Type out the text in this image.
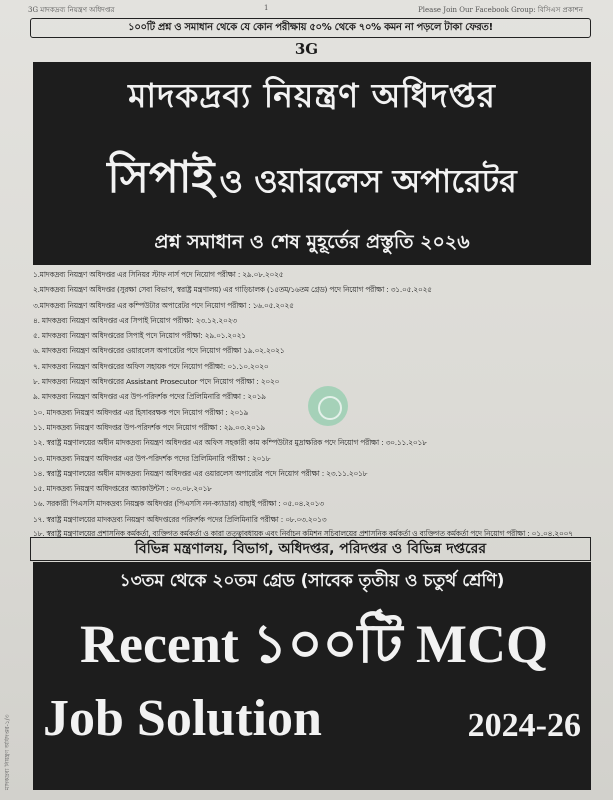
3G মাদকদ্রব্য নিয়ন্ত্রণ অধিদপ্তর	1	Please Join Our Facebook Group: বিসিএস প্রকাশন
১০০টি প্রশ্ন ও সমাধান থেকে যে কোন পরীক্ষায় ৫০% থেকে ৭০% কমন না পড়লে টাকা ফেরত!
3G
মাদকদ্রব্য নিয়ন্ত্রণ অধিদপ্তর
সিপাই ও ওয়ারলেস অপারেটর
প্রশ্ন সমাধান ও শেষ মুহূর্তের প্রস্তুতি ২০২৬
১.মাদকদ্রব্য নিয়ন্ত্রণ অধিদপ্তর এর সিনিয়র স্টাফ নার্স পদে নিয়োগ পরীক্ষা : ২৯.০৮.২০২৫
২.মাদকদ্রব্য নিয়ন্ত্রণ অধিদপ্তর (সুরক্ষা সেবা বিভাগ, স্বরাষ্ট্র মন্ত্রণালয়) এর গাড়িচালক (১৫তম/১৬তম গ্রেড) পদে নিয়োগ পরীক্ষা : ৩১.০৫.২০২৫
৩.মাদকদ্রব্য নিয়ন্ত্রণ অধিদপ্তর এর কম্পিউটার অপারেটর পদে নিয়োগ পরীক্ষা : ১৬.০৫.২০২৫
৪. মাদকদ্রব্য নিয়ন্ত্রণ অধিদপ্তর এর সিপাই নিয়োগ পরীক্ষা: ২৩.১২.২০২৩
৫. মাদকদ্রব্য নিয়ন্ত্রণ অধিদপ্তরের সিপাই পদে নিয়োগ পরীক্ষা: ২৯.০১.২০২১
৬. মাদকদ্রব্য নিয়ন্ত্রণ অধিদপ্তরের ওয়ারলেস অপারেটর পদে নিয়োগ পরীক্ষা ১৯.০২.২০২১
৭. মাদকদ্রব্য নিয়ন্ত্রণ অধিদপ্তরের অফিস সহায়ক পদে নিয়োগ পরীক্ষা: ০১.১০.২০২০
৮. মাদকদ্রব্য নিয়ন্ত্রণ অধিদপ্তরের Assistant Prosecutor পদে নিয়োগ পরীক্ষা : ২০২০
৯. মাদকদ্রব্য নিয়ন্ত্রণ অধিদপ্তর এর উপ-পরিদর্শক পদের প্রিলিমিনারি পরীক্ষা : ২০১৯
১০. মাদকদ্রব্য নিয়ন্ত্রণ অধিদপ্তর এর হিসাবরক্ষক পদে নিয়োগ পরীক্ষা : ২০১৯
১১. মাদকদ্রব্য নিয়ন্ত্রণ অধিদপ্তর উপ-পরিদর্শক পদে নিয়োগ পরীক্ষা : ২৯.০৩.২০১৯
১২. স্বরাষ্ট্র মন্ত্রণালয়ের অধীন মাদকদ্রব্য নিয়ন্ত্রণ অধিদপ্তর এর অফিস সহকারী কাম কম্পিউটার মুদ্রাক্ষরিক পদে নিয়োগ পরীক্ষা : ৩০.১১.২০১৮
১৩. মাদকদ্রব্য নিয়ন্ত্রণ অধিদপ্তর এর উপ-পরিদর্শক পদের প্রিলিমিনারি পরীক্ষা : ২০১৮
১৪. স্বরাষ্ট্র মন্ত্রণালয়ের অধীন মাদকদ্রব্য নিয়ন্ত্রণ অধিদপ্তর এর ওয়ারলেস অপারেটর পদে নিয়োগ পরীক্ষা : ২৩.১১.২০১৮
১৫. মাদকদ্রব্য নিয়ন্ত্রণ অধিদপ্তরের অ্যাকাউন্টস : ০৩.০৮.২০১৮
১৬. সরকারী পিএসসি মাদকদ্রব্য নিয়ন্ত্রক অধিদপ্তর (পিএসসি নন-ক্যাডার) বাছাই পরীক্ষা : ০৫.০৪.২০১৩
১৭. স্বরাষ্ট্র মন্ত্রণালয়ের মাদকদ্রব্য নিয়ন্ত্রণ অধিদপ্তরের পরিদর্শক পদের প্রিলিমিনারি পরীক্ষা : ০৮.০৩.২০১৩
১৮. স্বরাষ্ট্র মন্ত্রণালয়ের প্রশাসনিক কর্মকর্তা, ব্যক্তিগত কর্মকর্তা ও কারা তত্ত্বাবধায়ক এবং নির্বাচন কমিশন সচিবালয়ের প্রশাসনিক কর্মকর্তা ও ব্যক্তিগত কর্মকর্তা পদে নিয়োগ পরীক্ষা : ০১.০৪.২০০৭
বিভিন্ন মন্ত্রণালয়, বিভাগ, অধিদপ্তর, পরিদপ্তর ও বিভিন্ন দপ্তরের
১৩তম থেকে ২০তম গ্রেড (সাবেক তৃতীয় ও চতুর্থ শ্রেণি)
Recent ১০০টি MCQ
Job Solution	2024-26
মাদকদ্রব্য নিয়ন্ত্রণ অধিদপ্তর-১/৩
